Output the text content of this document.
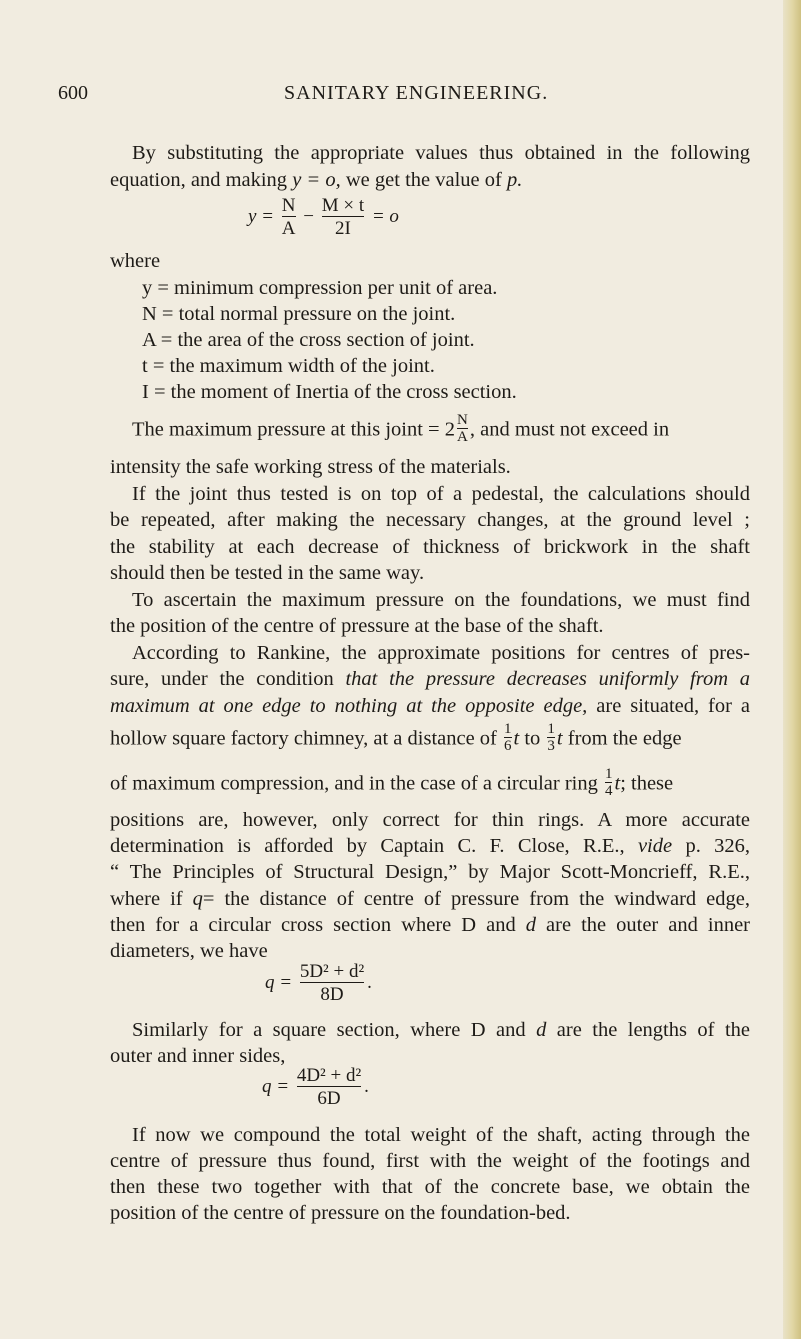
600	SANITARY ENGINEERING.
By substituting the appropriate values thus obtained in the following
equation, and making y = o, we get the value of p.
$y = \frac{N}{A} - \frac{M \times t}{2I} = o$
where
y = minimum compression per unit of area.
N = total normal pressure on the joint.
A = the area of the cross section of joint.
t = the maximum width of the joint.
I = the moment of Inertia of the cross section.
The maximum pressure at this joint = $2 \frac{N}{A}$ , and must not exceed in
intensity the safe working stress of the materials.
If the joint thus tested is on top of a pedestal, the calculations should
be repeated, after making the necessary changes, at the ground level ;
the stability at each decrease of thickness of brickwork in the shaft
should then be tested in the same way.
To ascertain the maximum pressure on the foundations, we must find
the position of the centre of pressure at the base of the shaft.
According to Rankine, the approximate positions for centres of pres-
sure, under the condition that the pressure decreases uniformly from a
maximum at one edge to nothing at the opposite edge, are situated, for a
hollow square factory chimney, at a distance of $\frac{1}{6}$ t to $\frac{1}{3}$ t from the edge
of maximum compression, and in the case of a circular ring $\frac{1}{4} t$; these
positions are, however, only correct for thin rings. A more accurate
determination is afforded by Captain C. F. Close, R.E., vide p. 326,
“ The Principles of Structural Design,” by Major Scott-Moncrieff, R.E.,
where if q= the distance of centre of pressure from the windward edge,
then for a circular cross section where D and d are the outer and inner
diameters, we have
$q = \frac{\text{5D² + d²}}{8D}$ .
Similarly for a square section, where D and d are the lengths of the
outer and inner sides,
$q = \frac{\text{4D² + d²}}{6D}$ .
If now we compound the total weight of the shaft, acting through the
centre of pressure thus found, first with the weight of the footings and
then these two together with that of the concrete base, we obtain the
position of the centre of pressure on the foundation-bed.
